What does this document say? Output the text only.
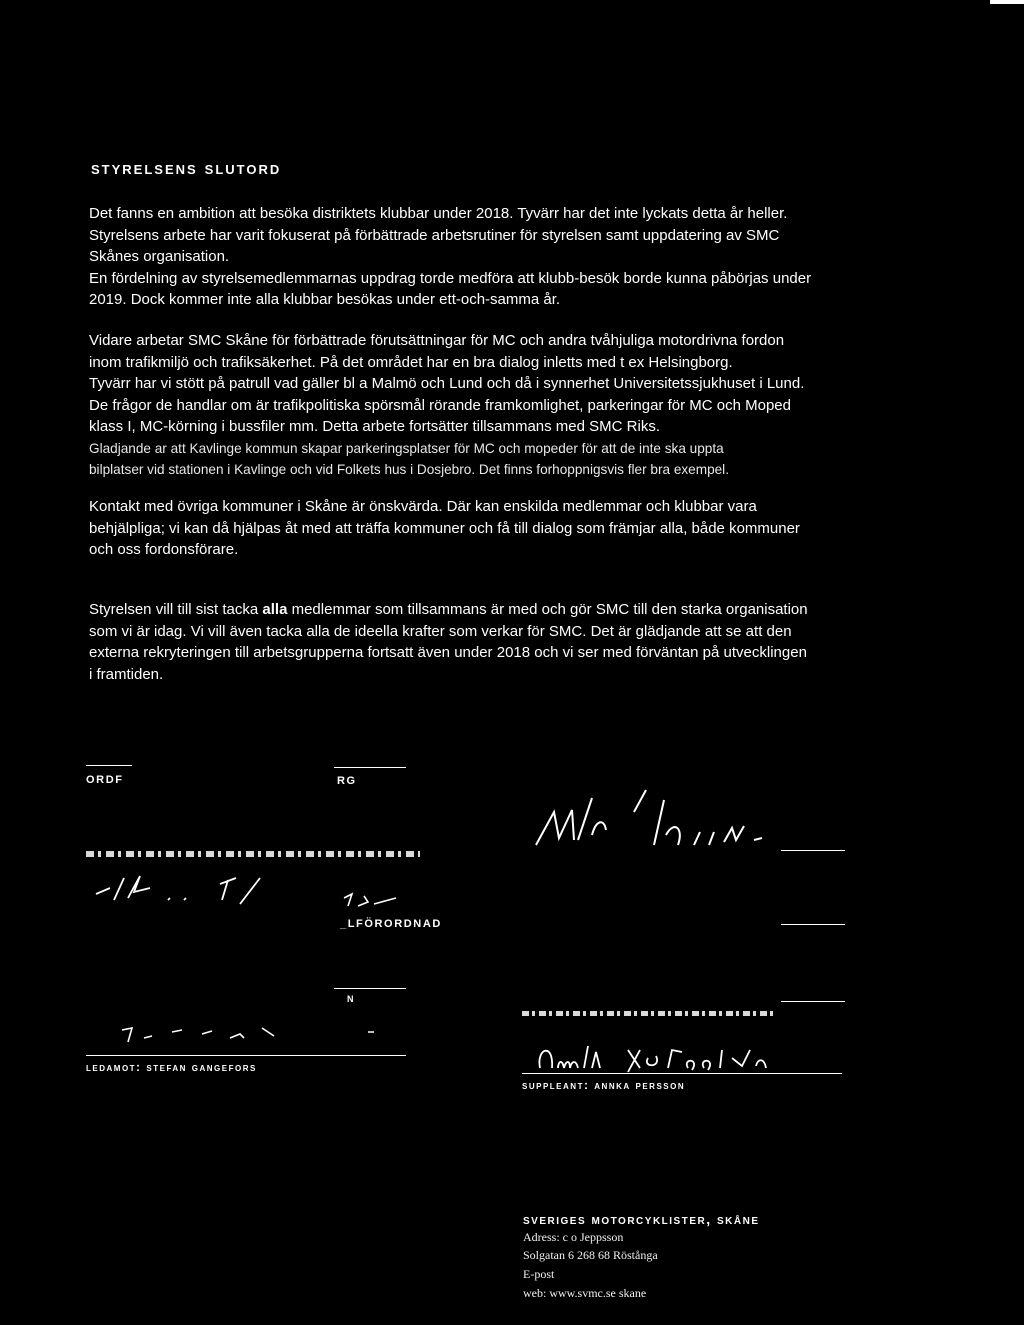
styrelsens slutord

Det fanns en ambition att besöka distriktets klubbar under 2018. Tyvärr har det inte lyckats detta år heller.

Styrelsens arbete har varit fokuserat på förbättrade arbetsrutiner för styrelsen samt uppdatering av SMC

Skånes organisation.

En fördelning av styrelsemedlemmarnas uppdrag torde medföra att klubb-besök borde kunna påbörjas under

2019. Dock kommer inte alla klubbar besökas under ett-och-samma år.

Vidare arbetar SMC Skåne för förbättrade förutsättningar för MC och andra tvåhjuliga motordrivna fordon

inom trafikmiljö och trafiksäkerhet. På det området har en bra dialog inletts med t ex Helsingborg.

Tyvärr har vi stött på patrull vad gäller bl a Malmö och Lund och då i synnerhet Universitetssjukhuset i Lund.

De frågor de handlar om är trafikpolitiska spörsmål rörande framkomlighet, parkeringar för MC och Moped

klass I, MC-körning i bussfiler mm. Detta arbete fortsätter tillsammans med SMC Riks.

Gladjande ar att Kavlinge kommun skapar parkeringsplatser för MC och mopeder för att de inte ska uppta

bilplatser vid stationen i Kavlinge och vid Folkets hus i Dosjebro. Det finns forhoppnigsvis fler bra exempel.

Kontakt med övriga kommuner i Skåne är önskvärda. Där kan enskilda medlemmar och klubbar vara

behjälpliga; vi kan då hjälpas åt med att träffa kommuner och få till dialog som främjar alla, både kommuner

och oss fordonsförare.

Styrelsen vill till sist tacka alla medlemmar som tillsammans är med och gör SMC till den starka organisation

som vi är idag. Vi vill även tacka alla de ideella krafter som verkar för SMC. Det är glädjande att se att den

externa rekryteringen till arbetsgrupperna fortsatt även under 2018 och vi ser med förväntan på utvecklingen

i framtiden.

ORDF	RG
_LFÖRORDNAD
N
ledamot: stefan gangefors
suppleant: annka persson
sveriges motorcyklister, skåne
Adress: c o Jeppsson
Solgatan 6 268 68 Röstånga
E-post
web: www.svmc.se skane
